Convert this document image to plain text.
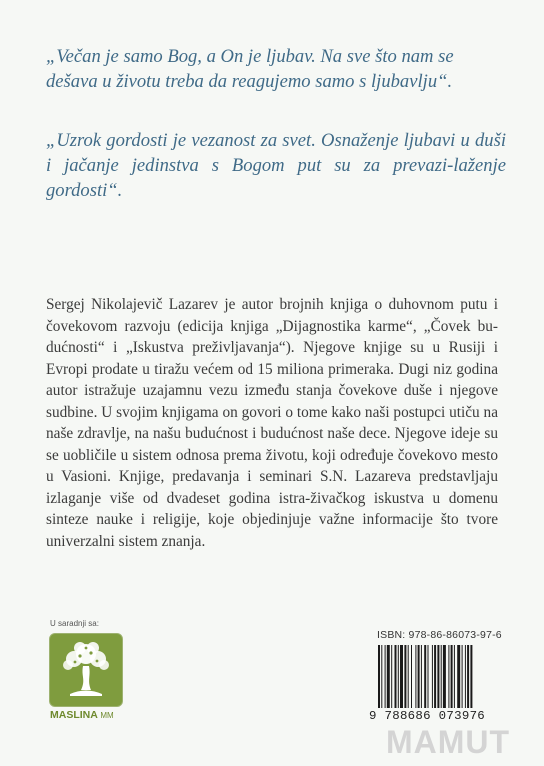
„Večan je samo Bog, a On je ljubav. Na sve što nam se dešava u životu treba da reagujemo samo s ljubavlju“.

„Uzrok gordosti je vezanost za svet. Osnaženje ljubavi u duši i jačanje jedinstva s Bogom put su za prevazi-laženje gordosti“.

Sergej Nikolajevič Lazarev je autor brojnih knjiga o duhovnom putu i čovekovom razvoju (edicija knjiga „Dijagnostika karme“, „Čovek bu-dućnosti“ i „Iskustva preživljavanja“). Njegove knjige su u Rusiji i Evropi prodate u tiražu većem od 15 miliona primeraka. Dugi niz godina autor istražuje uzajamnu vezu između stanja čovekove duše i njegove sudbine. U svojim knjigama on govori o tome kako naši postupci utiču na naše zdravlje, na našu budućnost i budućnost naše dece. Njegove ideje su se uobličile u sistem odnosa prema životu, koji određuje čovekovo mesto u Vasioni. Knjige, predavanja i seminari S.N. Lazareva predstavljaju izlaganje više od dvadeset godina istra-živačkog iskustva u domenu sinteze nauke i religije, koje objedinjuje važne informacije što tvore univerzalni sistem znanja.

U saradnji sa:
MASLINA MM
ISBN: 978-86-86073-97-6
9 788686 073976
MAMUT
